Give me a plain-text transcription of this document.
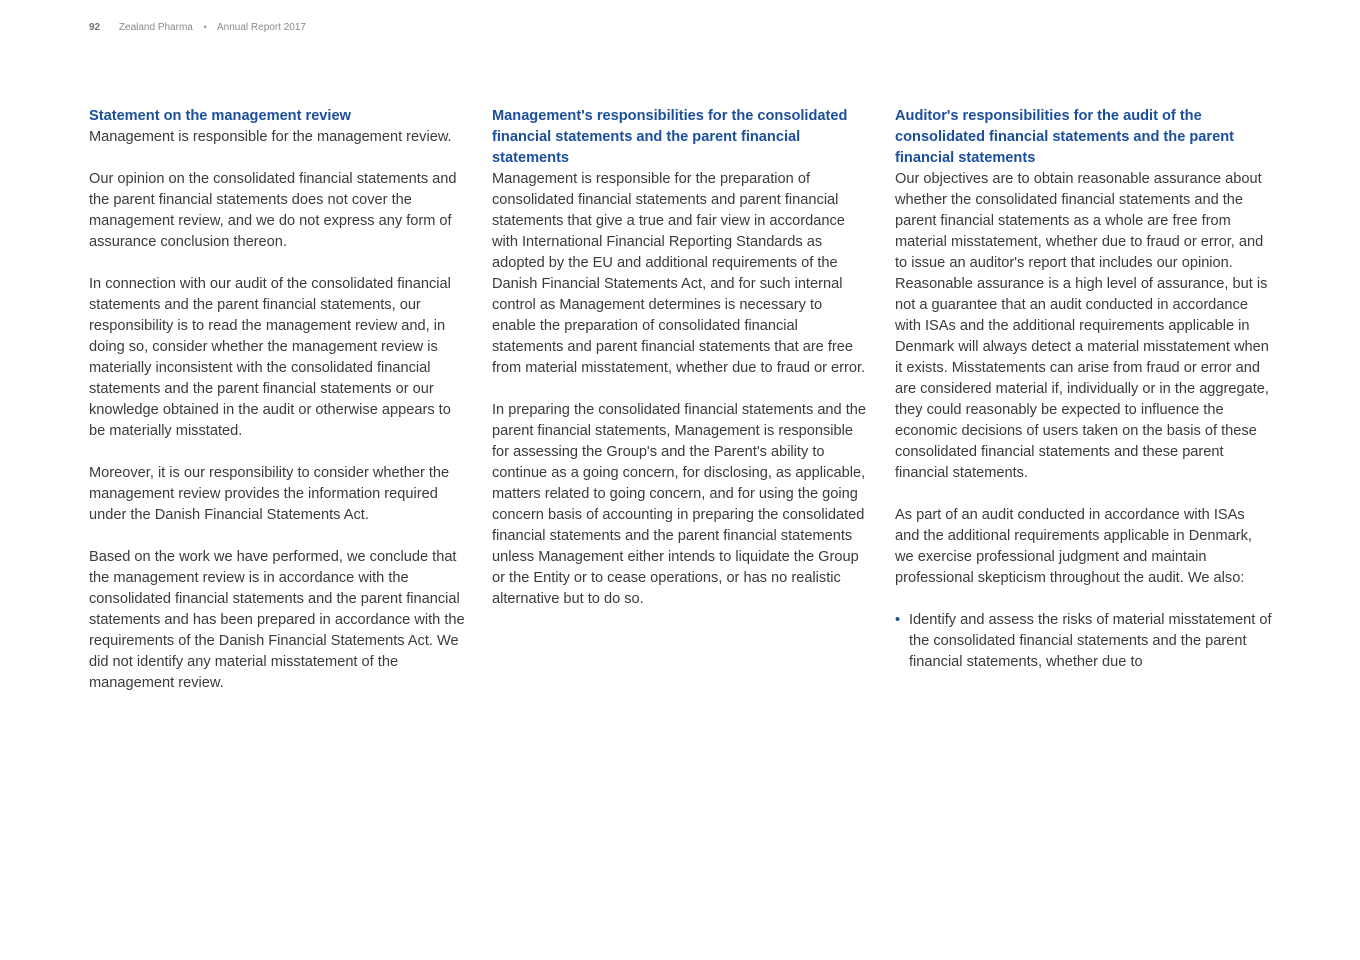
92 Zealand Pharma • Annual Report 2017

Statement on the management review

Management is responsible for the management review.

Our opinion on the consolidated financial statements and the parent financial statements does not cover the management review, and we do not express any form of assurance conclusion thereon.

In connection with our audit of the consolidated financial statements and the parent financial statements, our responsibility is to read the management review and, in doing so, consider whether the management review is materially inconsistent with the consolidated financial statements and the parent financial statements or our knowledge obtained in the audit or otherwise appears to be materially misstated.

Moreover, it is our responsibility to consider whether the management review provides the information required under the Danish Financial Statements Act.

Based on the work we have performed, we conclude that the management review is in accordance with the consolidated financial statements and the parent financial statements and has been prepared in accordance with the requirements of the Danish Financial Statements Act. We did not identify any material misstatement of the management review.

Management's responsibilities for the consolidated financial statements and the parent financial statements

Management is responsible for the preparation of consolidated financial statements and parent financial statements that give a true and fair view in accordance with International Financial Reporting Standards as adopted by the EU and additional requirements of the Danish Financial Statements Act, and for such internal control as Management determines is necessary to enable the preparation of consolidated financial statements and parent financial statements that are free from material misstatement, whether due to fraud or error.

In preparing the consolidated financial statements and the parent financial statements, Management is responsible for assessing the Group's and the Parent's ability to continue as a going concern, for disclosing, as applicable, matters related to going concern, and for using the going concern basis of accounting in preparing the consolidated financial statements and the parent financial statements unless Management either intends to liquidate the Group or the Entity or to cease operations, or has no realistic alternative but to do so.

Auditor's responsibilities for the audit of the consolidated financial statements and the parent financial statements

Our objectives are to obtain reasonable assurance about whether the consolidated financial statements and the parent financial statements as a whole are free from material misstatement, whether due to fraud or error, and to issue an auditor's report that includes our opinion. Reasonable assurance is a high level of assurance, but is not a guarantee that an audit conducted in accordance with ISAs and the additional requirements applicable in Denmark will always detect a material misstatement when it exists. Misstatements can arise from fraud or error and are considered material if, individually or in the aggregate, they could reasonably be expected to influence the economic decisions of users taken on the basis of these consolidated financial statements and these parent financial statements.

As part of an audit conducted in accordance with ISAs and the additional requirements applicable in Denmark, we exercise professional judgment and maintain professional skepticism throughout the audit. We also:

• Identify and assess the risks of material misstatement of the consolidated financial statements and the parent financial statements, whether due to
